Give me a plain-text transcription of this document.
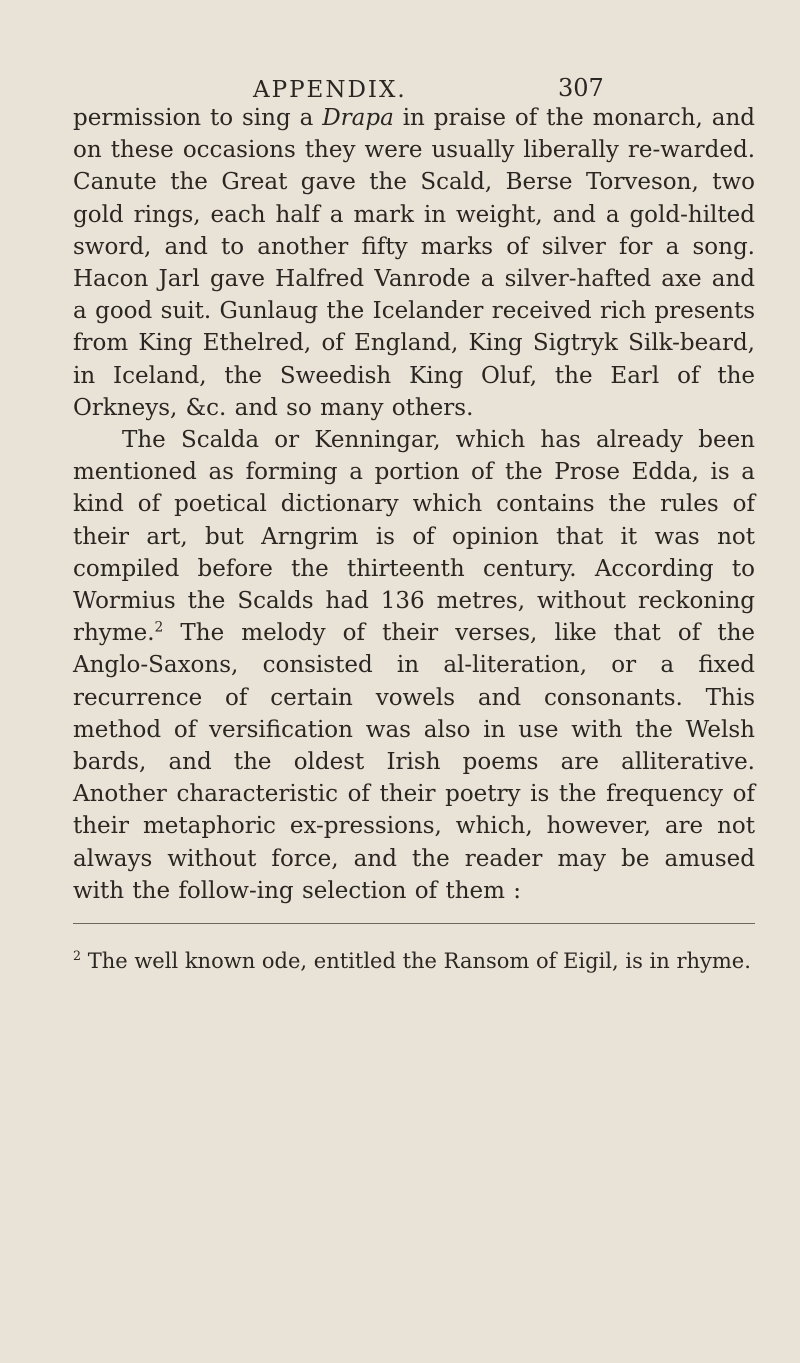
APPENDIX.	307

permission to sing a Drapa in praise of the monarch, and on these occasions they were usually liberally re-warded. Canute the Great gave the Scald, Berse Torveson, two gold rings, each half a mark in weight, and a gold-hilted sword, and to another fifty marks of silver for a song. Hacon Jarl gave Halfred Vanrode a silver-hafted axe and a good suit. Gunlaug the Icelander received rich presents from King Ethelred, of England, King Sigtryk Silk-beard, in Iceland, the Sweedish King Oluf, the Earl of the Orkneys, &c. and so many others.

The Scalda or Kenningar, which has already been mentioned as forming a portion of the Prose Edda, is a kind of poetical dictionary which contains the rules of their art, but Arngrim is of opinion that it was not compiled before the thirteenth century. According to Wormius the Scalds had 136 metres, without reckoning rhyme.$^2$ The melody of their verses, like that of the Anglo-Saxons, consisted in al-literation, or a fixed recurrence of certain vowels and consonants. This method of versification was also in use with the Welsh bards, and the oldest Irish poems are alliterative. Another characteristic of their poetry is the frequency of their metaphoric ex-pressions, which, however, are not always without force, and the reader may be amused with the follow-ing selection of them :

$^2$ The well known ode, entitled the Ransom of Eigil, is in rhyme.
